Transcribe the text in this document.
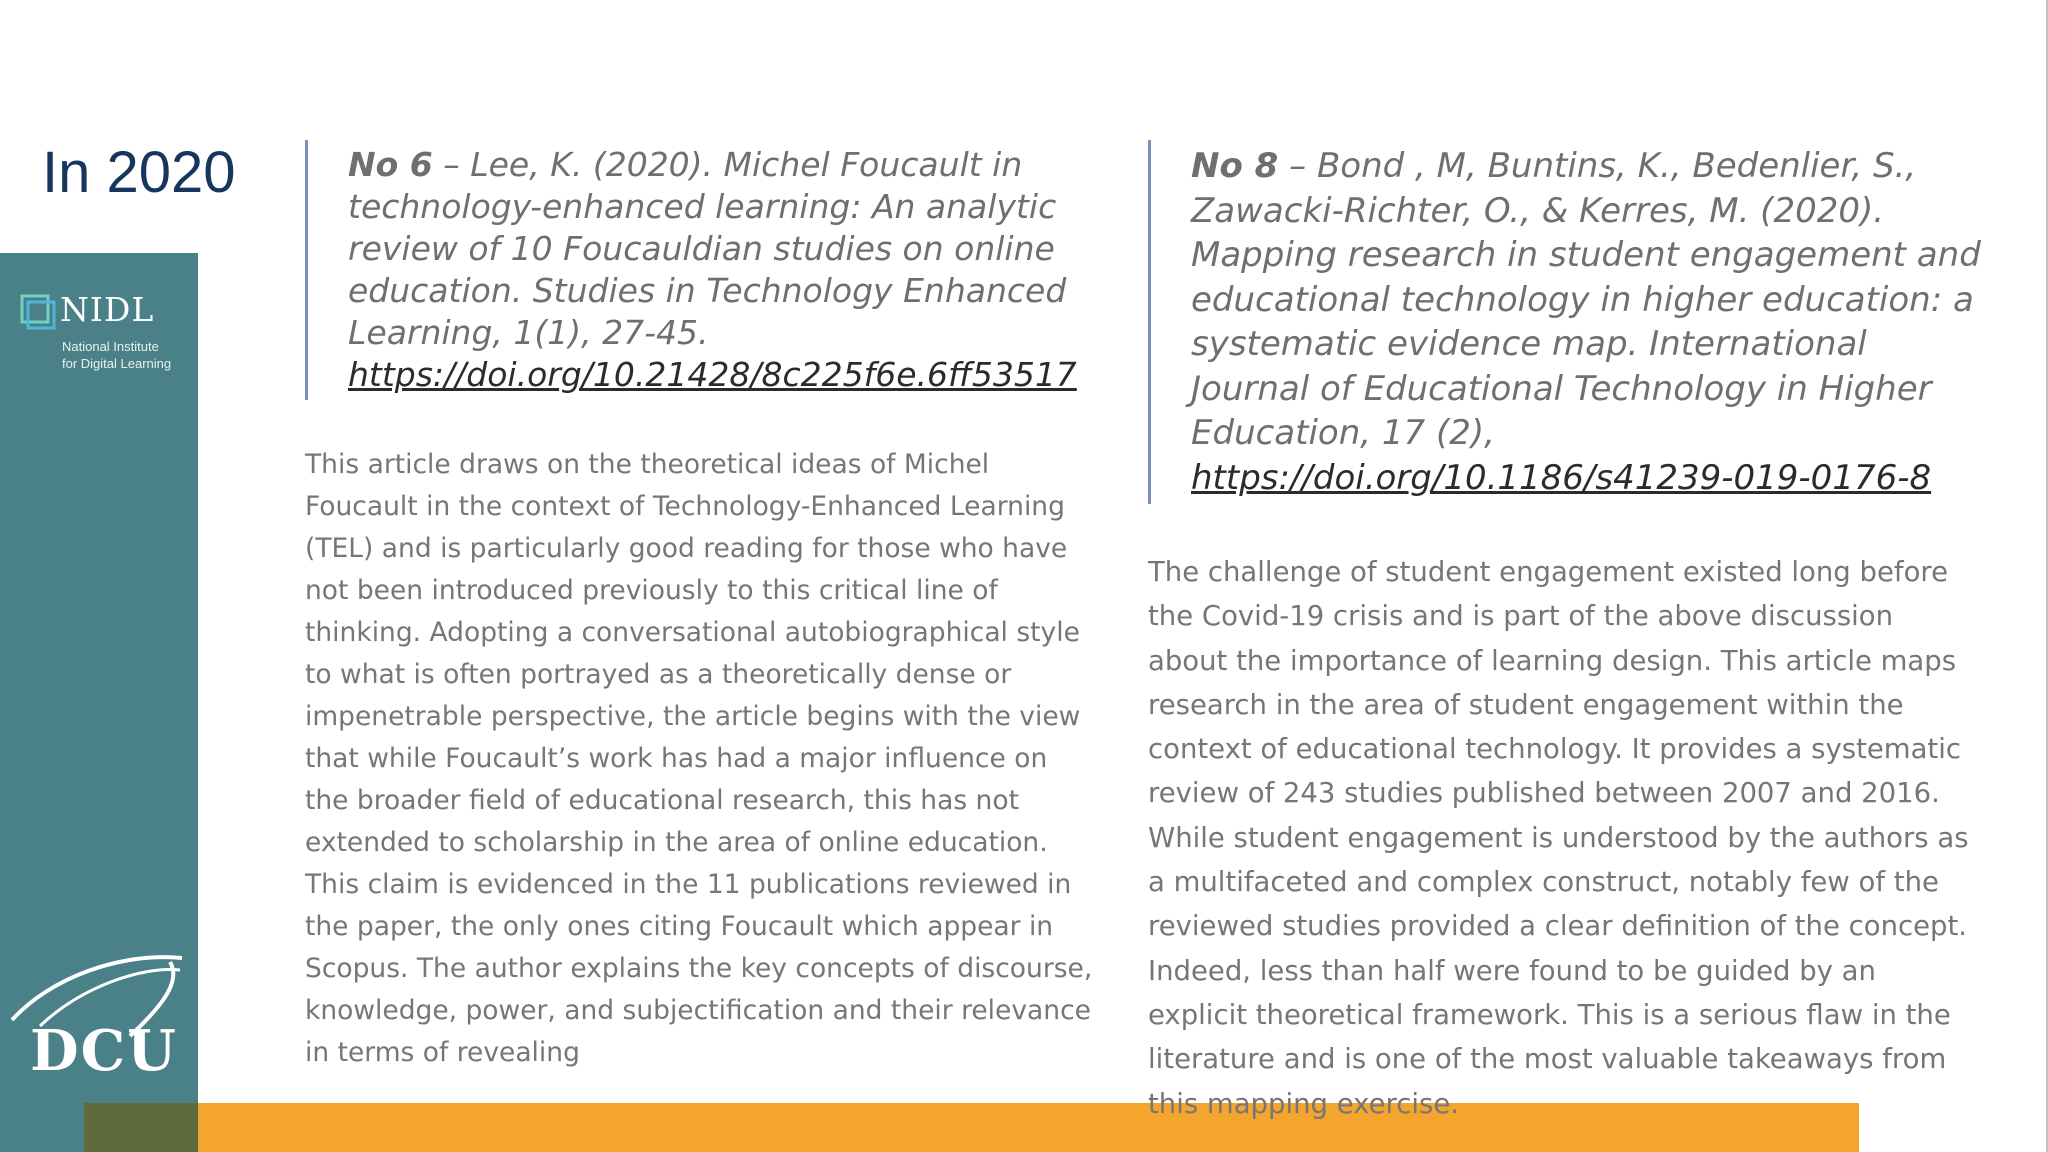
In 2020
NIDL
National Institute
for Digital Learning
DCU
No 6 – Lee, K. (2020). Michel Foucault in technology-enhanced learning: An analytic review of 10 Foucauldian studies on online education. Studies in Technology Enhanced Learning, 1(1), 27-45. https://doi.org/10.21428/8c225f6e.6ff53517

This article draws on the theoretical ideas of Michel Foucault in the context of Technology-Enhanced Learning (TEL) and is particularly good reading for those who have not been introduced previously to this critical line of thinking. Adopting a conversational autobiographical style to what is often portrayed as a theoretically dense or impenetrable perspective, the article begins with the view that while Foucault’s work has had a major influence on the broader field of educational research, this has not extended to scholarship in the area of online education. This claim is evidenced in the 11 publications reviewed in the paper, the only ones citing Foucault which appear in Scopus. The author explains the key concepts of discourse, knowledge, power, and subjectification and their relevance in terms of revealing

No 8 – Bond , M, Buntins, K., Bedenlier, S., Zawacki-Richter, O., & Kerres, M. (2020). Mapping research in student engagement and educational technology in higher education: a systematic evidence map. International Journal of Educational Technology in Higher Education, 17 (2), https://doi.org/10.1186/s41239-019-0176-8

The challenge of student engagement existed long before the Covid-19 crisis and is part of the above discussion about the importance of learning design. This article maps research in the area of student engagement within the context of educational technology. It provides a systematic review of 243 studies published between 2007 and 2016. While student engagement is understood by the authors as a multifaceted and complex construct, notably few of the reviewed studies provided a clear definition of the concept. Indeed, less than half were found to be guided by an explicit theoretical framework. This is a serious flaw in the literature and is one of the most valuable takeaways from this mapping exercise.
